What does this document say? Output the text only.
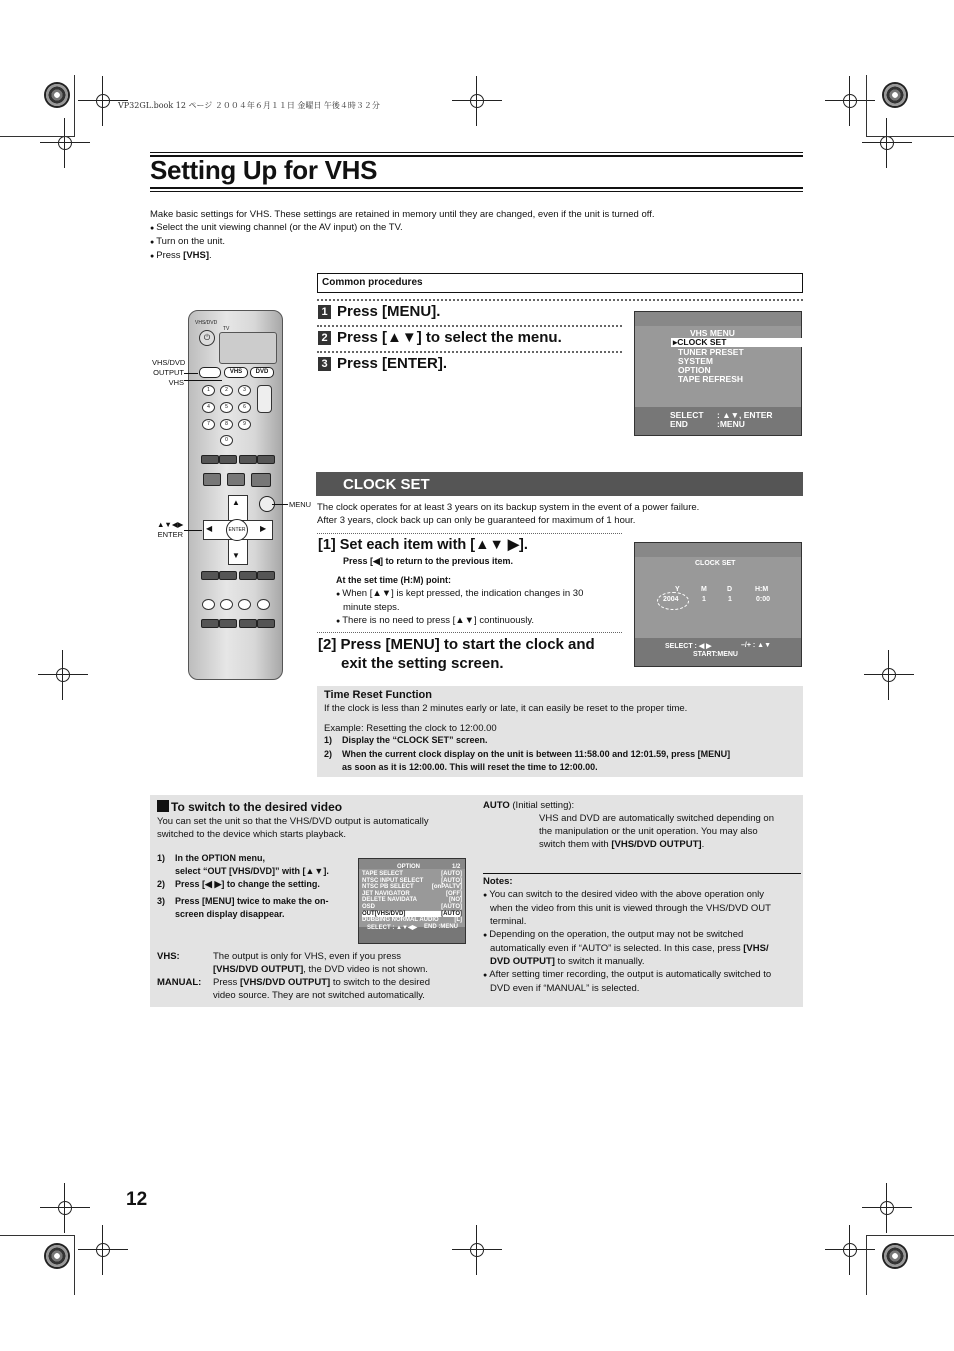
VP32GL.book 12 ページ ２００４年６月１１日 金曜日 午後４時３２分
Setting Up for VHS
Make basic settings for VHS. These settings are retained in memory until they are changed, even if the unit is turned off.
● Select the unit viewing channel (or the AV input) on the TV.
● Turn on the unit.
● Press [VHS].
Common procedures
1 Press [MENU].
2 Press [▲▼] to select the menu.
3 Press [ENTER].
VHS MENU
▸CLOCK SET
TUNER PRESET
SYSTEM
OPTION
TAPE REFRESH
SELECT : ▲▼, ENTER
END	:MENU
CLOCK SET
The clock operates for at least 3 years on its backup system in the event of a power failure.
After 3 years, clock back up can only be guaranteed for maximum of 1 hour.
[1] Set each item with [▲▼ ▶].
Press [◀] to return to the previous item.
At the set time (H:M) point:
● When [▲▼] is kept pressed, the indication changes in 30
minute steps.
● There is no need to press [▲▼] continuously.
[2] Press [MENU] to start the clock and
exit the setting screen.
CLOCK SET
Y	M	D	H:M
2004	1	1	0:00
SELECT : ◀ ▶	–/+ : ▲▼
START:MENU
Time Reset Function
If the clock is less than 2 minutes early or late, it can easily be reset to the proper time.
Example: Resetting the clock to 12:00.00
1) Display the “CLOCK SET” screen.
2) When the current clock display on the unit is between 11:58.00 and 12:01.59, press [MENU]
as soon as it is 12:00.00. This will reset the time to 12:00.00.
To switch to the desired video
You can set the unit so that the VHS/DVD output is automatically
switched to the device which starts playback.
1) In the OPTION menu,
select “OUT [VHS/DVD]” with [▲▼].
2) Press [◀ ▶] to change the setting.
3) Press [MENU] twice to make the on-
screen display disappear.
OPTION	1/2
TAPE SELECT	[AUTO]
NTSC INPUT SELECT	[AUTO]
NTSC PB SELECT	[onPALTV]
JET NAVIGATOR	[OFF]
DELETE NAVIDATA	[NO]
OSD	[AUTO]
OUT[VHS/DVD]	[AUTO]
DUBBING NORMAL AUDIO	[L]
SELECT : ▲▼◀▶ END :MENU
VHS:	The output is only for VHS, even if you press
[VHS/DVD OUTPUT], the DVD video is not shown.
MANUAL:	Press [VHS/DVD OUTPUT] to switch to the desired
video source. They are not switched automatically.
AUTO (Initial setting):
VHS and DVD are automatically switched depending on
the manipulation or the unit operation. You may also
switch them with [VHS/DVD OUTPUT].
Notes:
● You can switch to the desired video with the above operation only
when the video from this unit is viewed through the VHS/DVD OUT
terminal.
● Depending on the operation, the output may not be switched
automatically even if “AUTO” is selected. In this case, press [VHS/
DVD OUTPUT] to switch it manually.
● After setting timer recording, the output is automatically switched to
DVD even if “MANUAL” is selected.
VHS/DVD
TV
⏻
VHS	DVD
1	2	3
4	5	6
7	8	9
0
▲
▼
◀	▶
ENTER
VHS/DVD
OUTPUT
VHS
MENU
▲▼◀▶
ENTER
12
